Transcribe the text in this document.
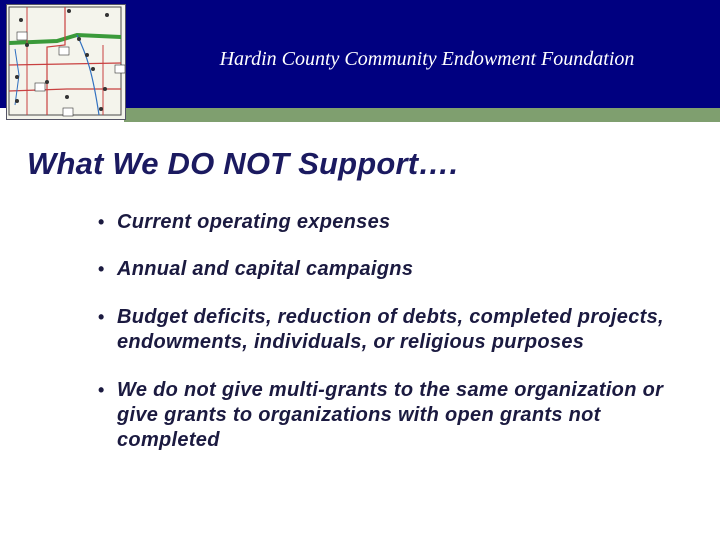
Hardin County Community Endowment Foundation
What We DO NOT Support….
• Current operating expenses
• Annual and capital campaigns
• Budget deficits, reduction of debts, completed projects, endowments, individuals, or religious purposes
• We do not give multi-grants to the same organization or give grants to organizations with open grants not completed
